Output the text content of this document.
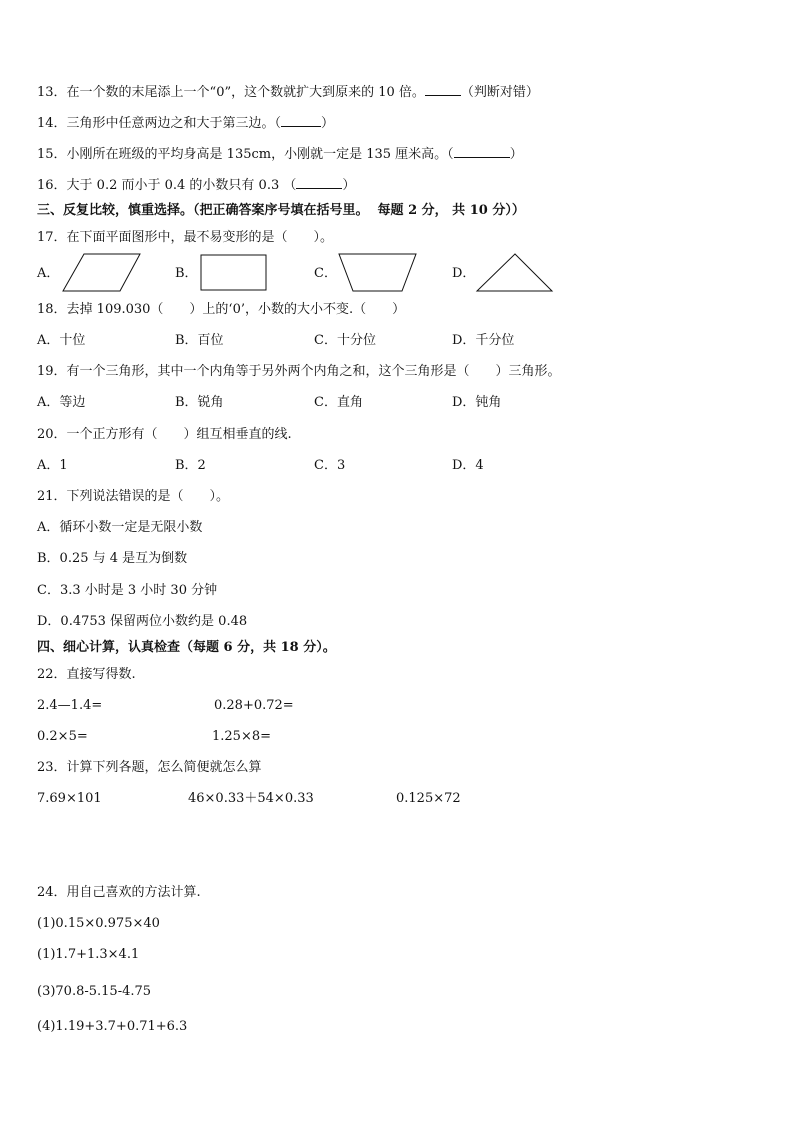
13．在一个数的末尾添上一个“0”，这个数就扩大到原来的 10 倍。	（判断对错）
14．三角形中任意两边之和大于第三边。（	）
15．小刚所在班级的平均身高是 135cm，小刚就一定是 135 厘米高。（	）
16．大于 0.2 而小于 0.4 的小数只有 0.3 （	）
三、反复比较，慎重选择。（把正确答案序号填在括号里。  每题 2 分， 共 10 分））
17．在下面平面图形中，最不易变形的是（　　）。
A．	B．	C．	D．
18．去掉 109.030（　　）上的‘0’，小数的大小不变.（　　）
A．十位	B．百位	C．十分位	D．千分位
19．有一个三角形，其中一个内角等于另外两个内角之和，这个三角形是（　　）三角形。
A．等边	B．锐角	C．直角	D．钝角
20．一个正方形有（　　）组互相垂直的线.
A．1	B．2	C．3	D．4
21．下列说法错误的是（　　）。
A．循环小数一定是无限小数
B．0.25 与 4 是互为倒数
C．3.3 小时是 3 小时 30 分钟
D．0.4753 保留两位小数约是 0.48
四、细心计算，认真检查（每题 6 分，共 18 分）。
22．直接写得数.
2.4—1.4=	0.28+0.72=
0.2×5=	1.25×8=
23．计算下列各题，怎么简便就怎么算
7.69×101	46×0.33＋54×0.33	0.125×72
24．用自己喜欢的方法计算.
(1)0.15×0.975×40
(1)1.7+1.3×4.1
(3)70.8-5.15-4.75
(4)1.19+3.7+0.71+6.3
